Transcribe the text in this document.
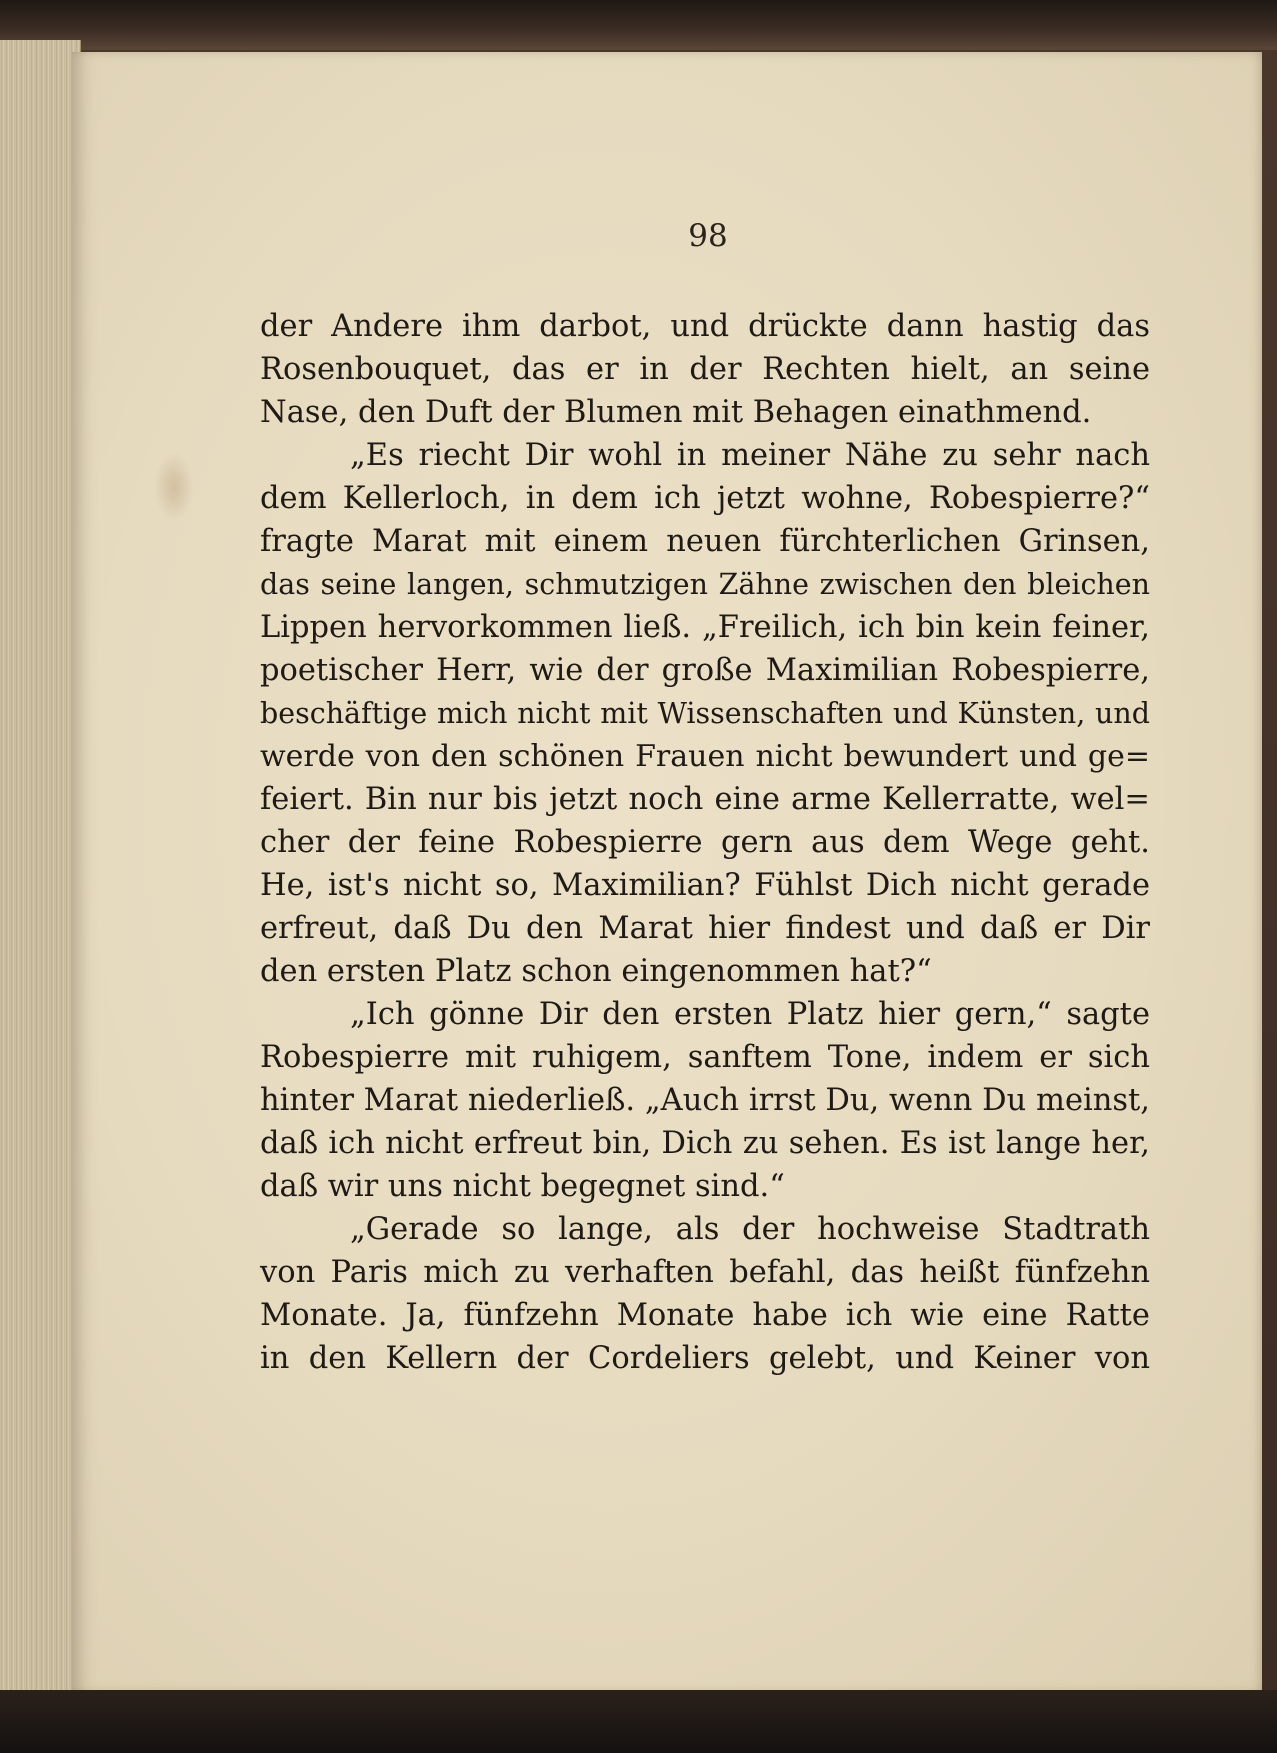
98
der Andere ihm darbot, und drückte dann hastig das
Rosenbouquet, das er in der Rechten hielt, an seine
Nase, den Duft der Blumen mit Behagen einathmend.
„Es riecht Dir wohl in meiner Nähe zu sehr nach
dem Kellerloch, in dem ich jetzt wohne, Robespierre?“
fragte Marat mit einem neuen fürchterlichen Grinsen,
das seine langen, schmutzigen Zähne zwischen den bleichen
Lippen hervorkommen ließ. „Freilich, ich bin kein feiner,
poetischer Herr, wie der große Maximilian Robespierre,
beschäftige mich nicht mit Wissenschaften und Künsten, und
werde von den schönen Frauen nicht bewundert und ge=
feiert. Bin nur bis jetzt noch eine arme Kellerratte, wel=
cher der feine Robespierre gern aus dem Wege geht.
He, ist's nicht so, Maximilian? Fühlst Dich nicht gerade
erfreut, daß Du den Marat hier findest und daß er Dir
den ersten Platz schon eingenommen hat?“
„Ich gönne Dir den ersten Platz hier gern,“ sagte
Robespierre mit ruhigem, sanftem Tone, indem er sich
hinter Marat niederließ. „Auch irrst Du, wenn Du meinst,
daß ich nicht erfreut bin, Dich zu sehen. Es ist lange her,
daß wir uns nicht begegnet sind.“
„Gerade so lange, als der hochweise Stadtrath
von Paris mich zu verhaften befahl, das heißt fünfzehn
Monate. Ja, fünfzehn Monate habe ich wie eine Ratte
in den Kellern der Cordeliers gelebt, und Keiner von
